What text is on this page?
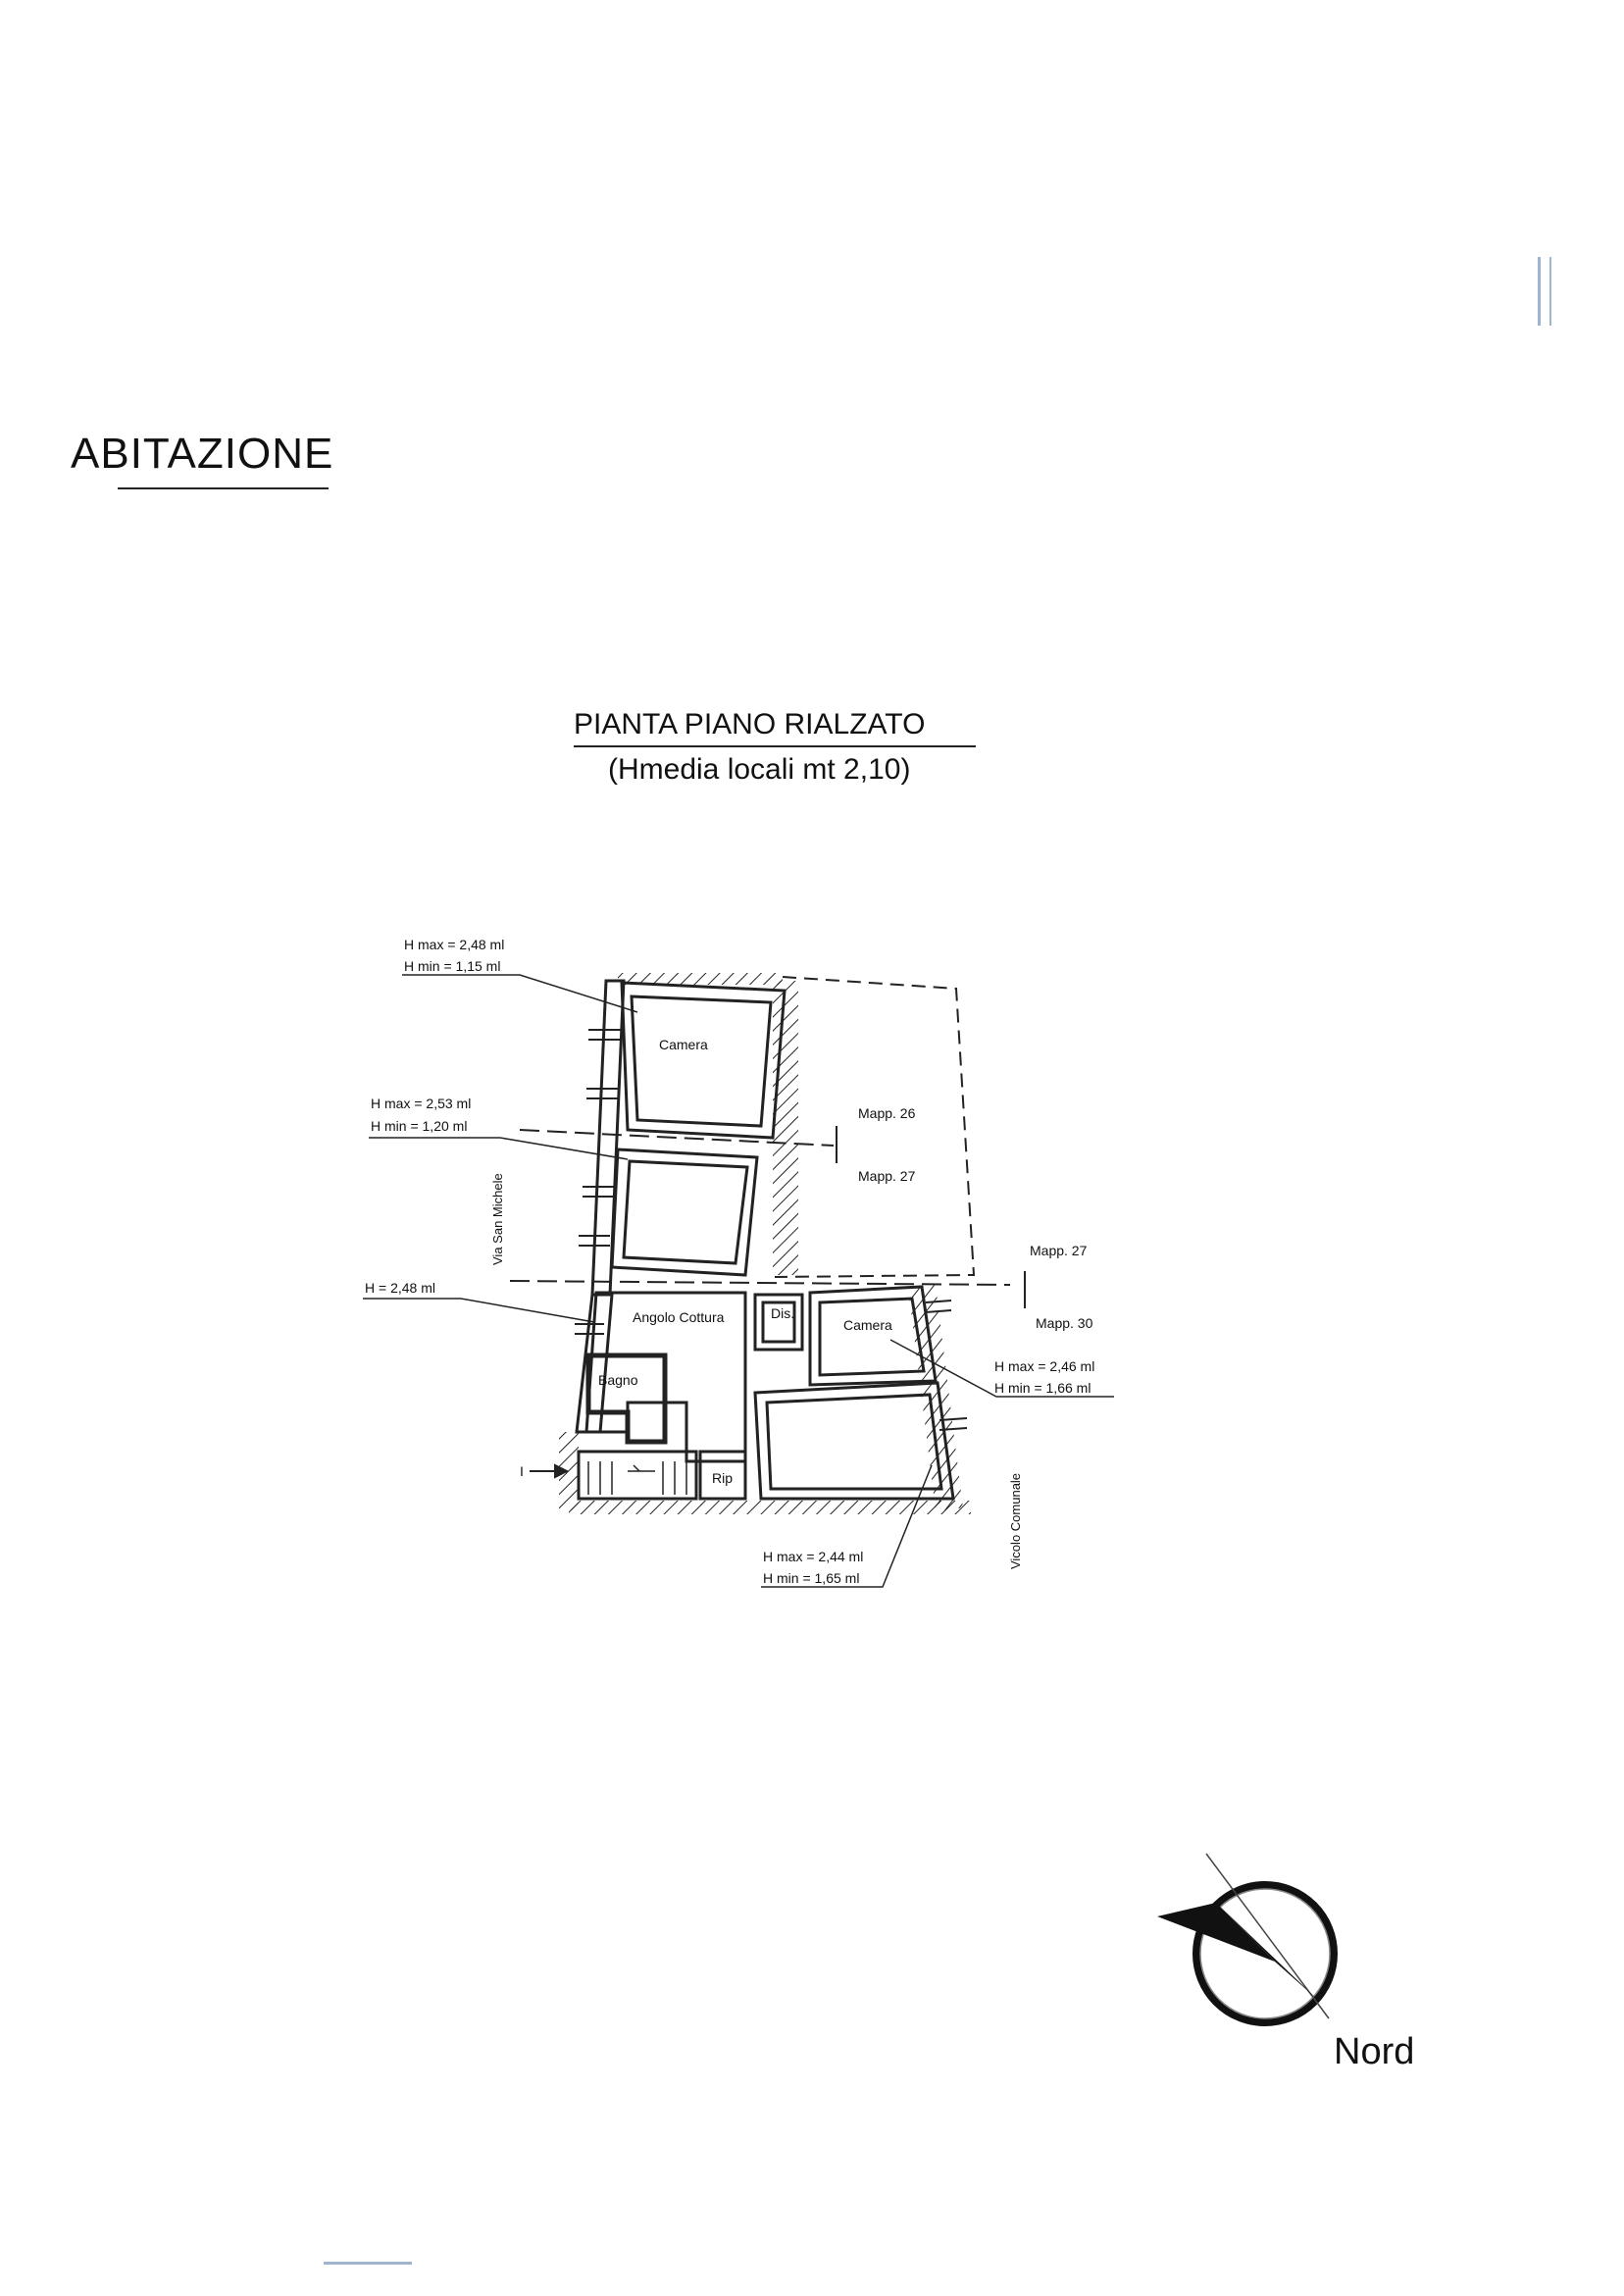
ABITAZIONE
PIANTA PIANO RIALZATO
(Hmedia locali mt 2,10)
H max = 2,48 ml
H min = 1,15 ml
H max = 2,53 ml
H min = 1,20 ml
H = 2,48 ml
H max = 2,46 ml
H min = 1,66 ml
H max = 2,44 ml
H min = 1,65 ml
Camera
Angolo Cottura	Dis.
Camera
Bagno
Rip
Mapp. 26
Mapp. 27
Mapp. 27
Mapp. 30
Via San Michele
Vicolo Comunale
I
Nord
